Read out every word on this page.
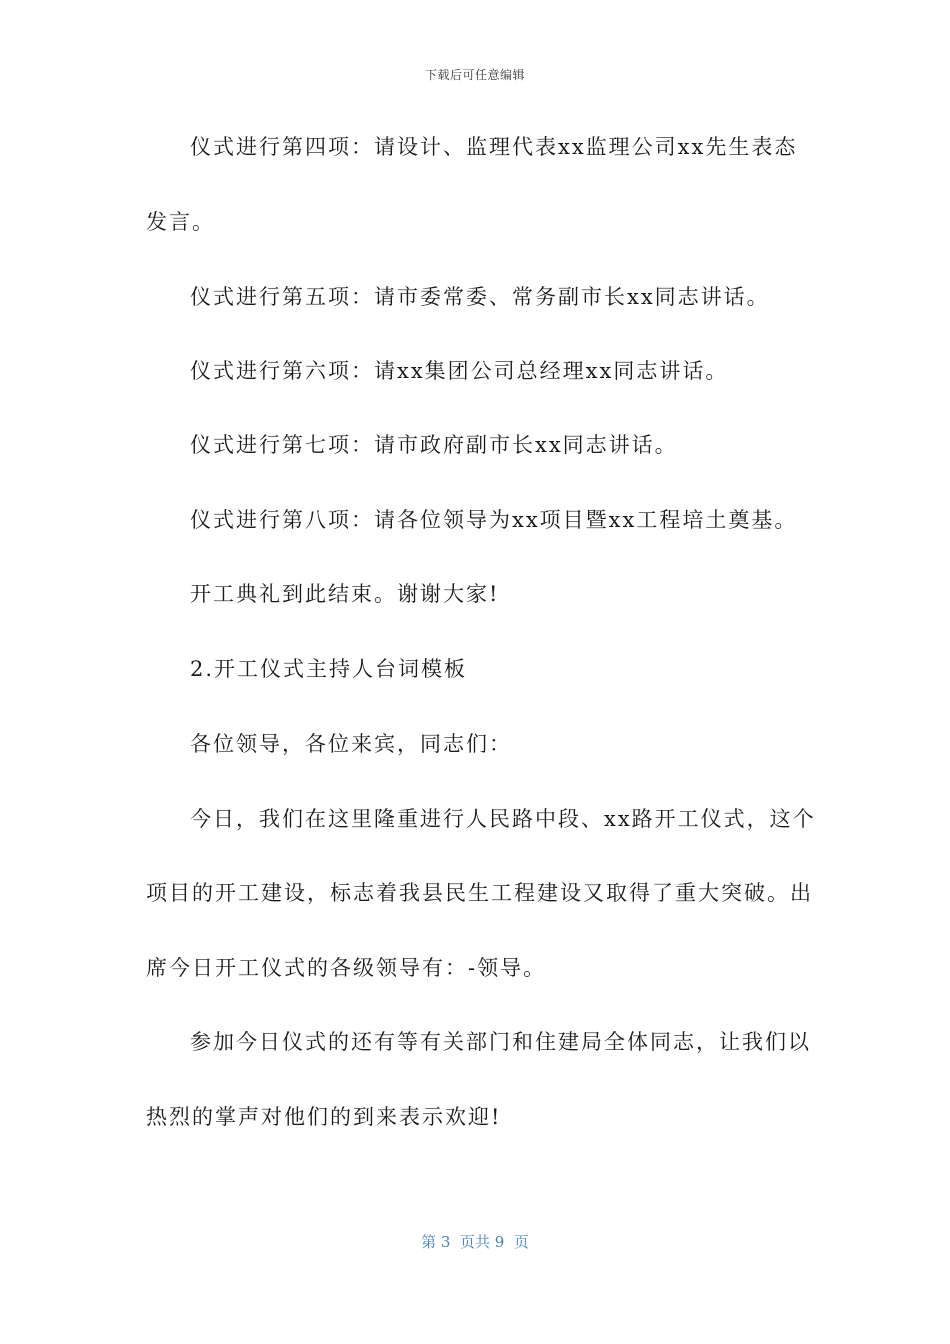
下载后可任意编辑
仪式进行第四项：请设计、监理代表xx监理公司xx先生表态
发言。
仪式进行第五项：请市委常委、常务副市长xx同志讲话。
仪式进行第六项：请xx集团公司总经理xx同志讲话。
仪式进行第七项：请市政府副市长xx同志讲话。
仪式进行第八项：请各位领导为xx项目暨xx工程培土奠基。
开工典礼到此结束。谢谢大家!
2.开工仪式主持人台词模板
各位领导，各位来宾，同志们：
今日，我们在这里隆重进行人民路中段、xx路开工仪式，这个
项目的开工建设，标志着我县民生工程建设又取得了重大突破。出
席今日开工仪式的各级领导有：-领导。
参加今日仪式的还有等有关部门和住建局全体同志，让我们以
热烈的掌声对他们的到来表示欢迎!
第 3  页共 9  页
